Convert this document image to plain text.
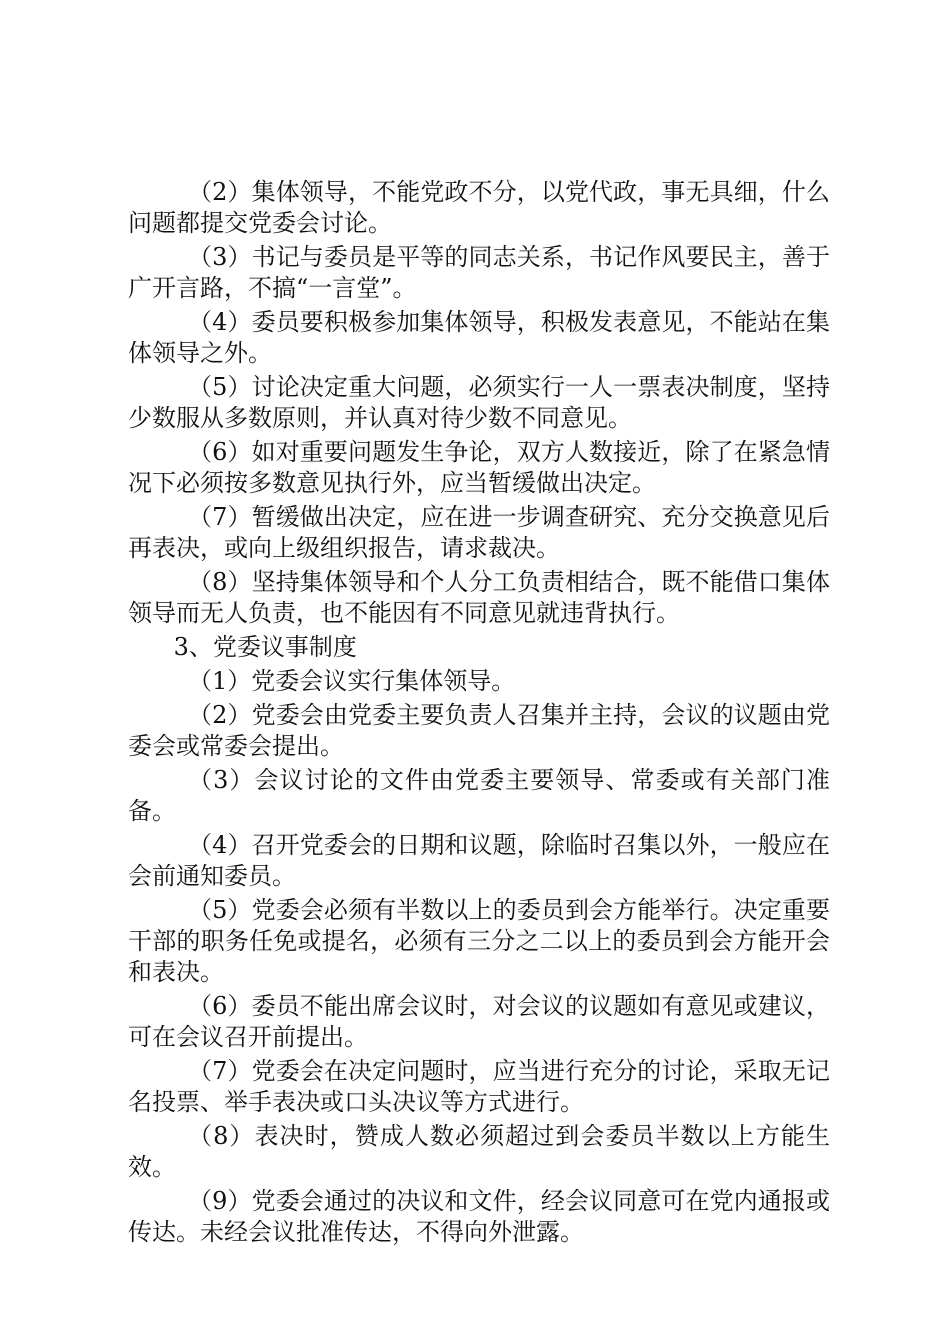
（2）集体领导，不能党政不分，以党代政，事无具细，什么问题都提交党委会讨论。

（3）书记与委员是平等的同志关系，书记作风要民主，善于广开言路，不搞“一言堂”。

（4）委员要积极参加集体领导，积极发表意见，不能站在集体领导之外。

（5）讨论决定重大问题，必须实行一人一票表决制度，坚持少数服从多数原则，并认真对待少数不同意见。

（6）如对重要问题发生争论，双方人数接近，除了在紧急情况下必须按多数意见执行外，应当暂缓做出决定。

（7）暂缓做出决定，应在进一步调查研究、充分交换意见后再表决，或向上级组织报告，请求裁决。

（8）坚持集体领导和个人分工负责相结合，既不能借口集体领导而无人负责，也不能因有不同意见就违背执行。

3、党委议事制度

（1）党委会议实行集体领导。

（2）党委会由党委主要负责人召集并主持，会议的议题由党委会或常委会提出。

（3）会议讨论的文件由党委主要领导、常委或有关部门准备。

（4）召开党委会的日期和议题，除临时召集以外，一般应在会前通知委员。

（5）党委会必须有半数以上的委员到会方能举行。决定重要干部的职务任免或提名，必须有三分之二以上的委员到会方能开会和表决。

（6）委员不能出席会议时，对会议的议题如有意见或建议，可在会议召开前提出。

（7）党委会在决定问题时，应当进行充分的讨论，采取无记名投票、举手表决或口头决议等方式进行。

（8）表决时，赞成人数必须超过到会委员半数以上方能生效。

（9）党委会通过的决议和文件，经会议同意可在党内通报或传达。未经会议批准传达，不得向外泄露。
